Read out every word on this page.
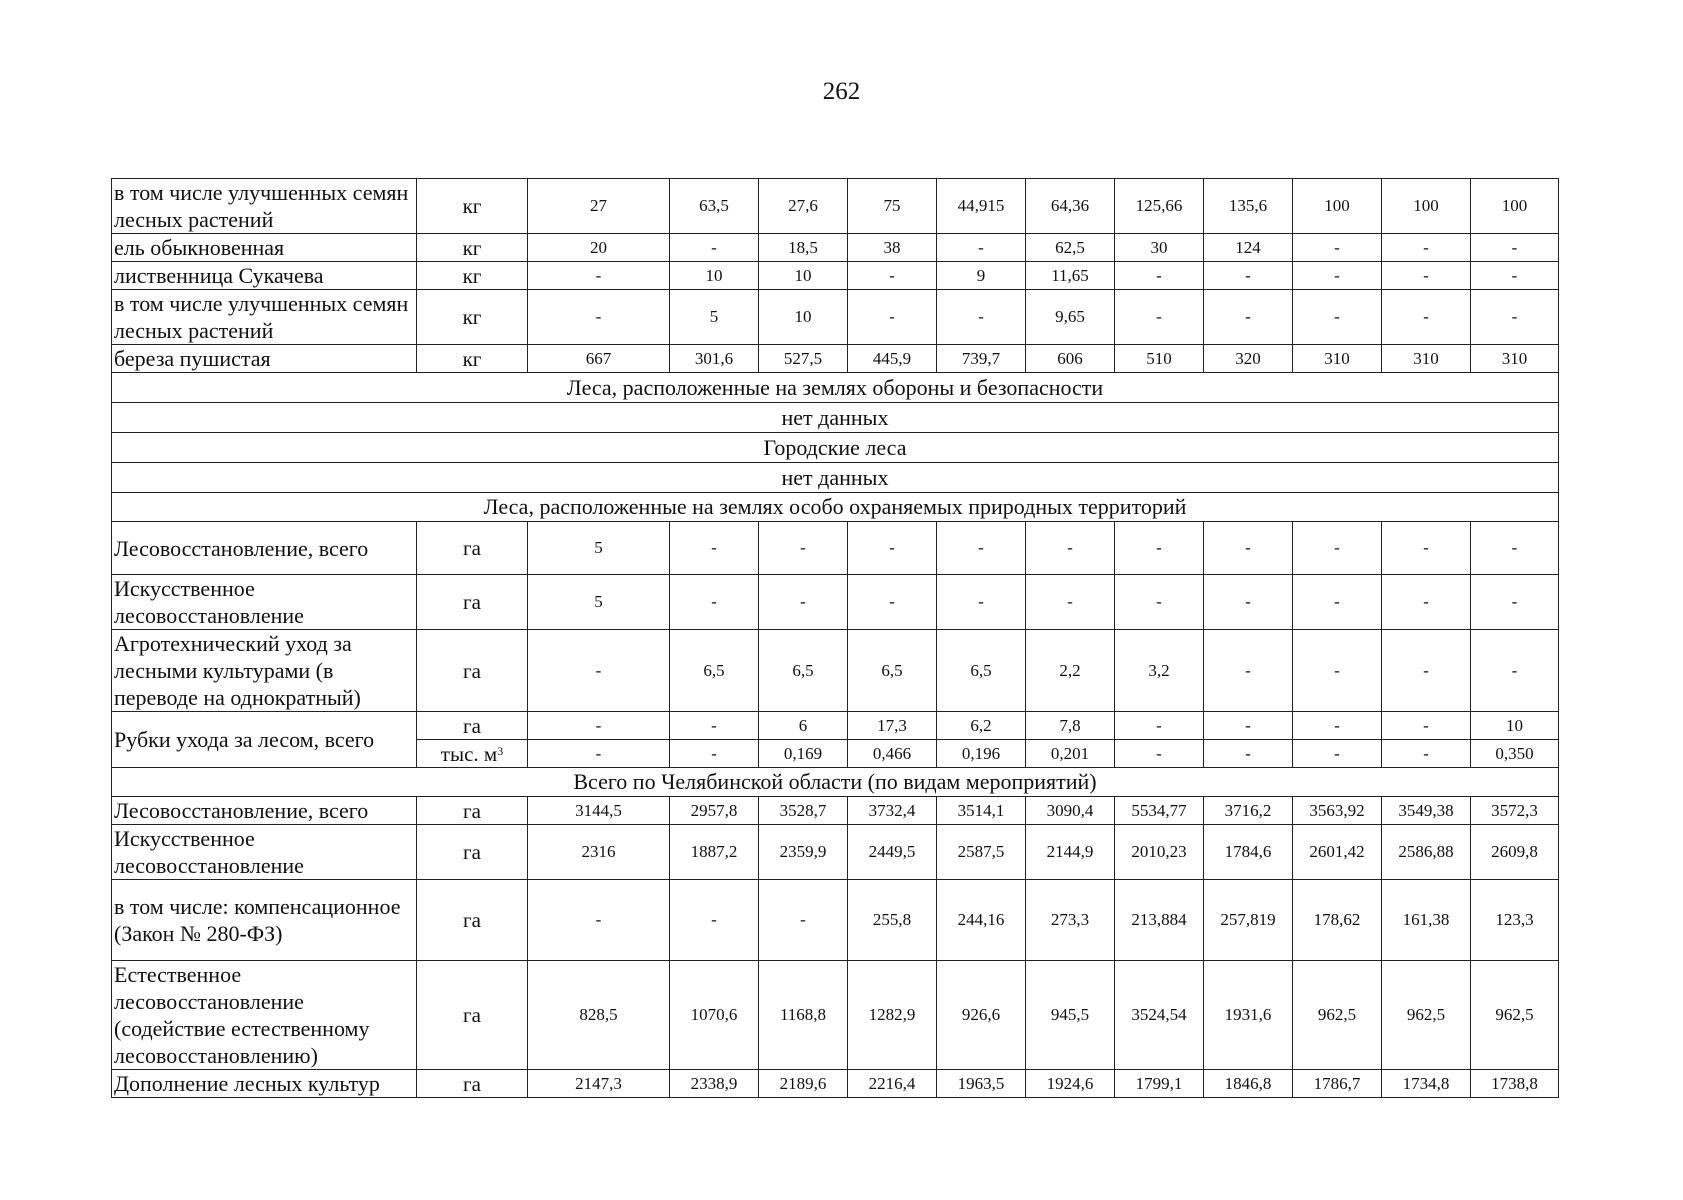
262
в том числе улучшенных семян лесных растений	кг	27	63,5	27,6	75	44,915	64,36	125,66	135,6	100	100	100
ель обыкновенная	кг	20	-	18,5	38	-	62,5	30	124	-	-	-
лиственница Сукачева	кг	-	10	10	-	9	11,65	-	-	-	-	-
в том числе улучшенных семян лесных растений	кг	-	5	10	-	-	9,65	-	-	-	-	-
береза пушистая	кг	667	301,6	527,5	445,9	739,7	606	510	320	310	310	310
Леса, расположенные на землях обороны и безопасности												
нет данных												
Городские леса												
нет данных												
Леса, расположенные на землях особо охраняемых природных территорий												
Лесовосстановление, всего	га	5	-	-	-	-	-	-	-	-	-	-
Искусственное лесовосстановление	га	5	-	-	-	-	-	-	-	-	-	-
Агротехнический уход за лесными культурами (в переводе на однократный)	га	-	6,5	6,5	6,5	6,5	2,2	3,2	-	-	-	-
Рубки ухода за лесом, всего	га	-	-	6	17,3	6,2	7,8	-	-	-	-	10
	тыс. $м^3$	-	-	0,169	0,466	0,196	0,201	-	-	-	-	0,350
Всего по Челябинской области (по видам мероприятий)												
Лесовосстановление, всего	га	3144,5	2957,8	3528,7	3732,4	3514,1	3090,4	5534,77	3716,2	3563,92	3549,38	3572,3
Искусственное лесовосстановление	га	2316	1887,2	2359,9	2449,5	2587,5	2144,9	2010,23	1784,6	2601,42	2586,88	2609,8
в том числе: компенсационное (Закон № 280-ФЗ)	га	-	-	-	255,8	244,16	273,3	213,884	257,819	178,62	161,38	123,3
Естественное лесовосстановление (содействие естественному лесовосстановлению)	га	828,5	1070,6	1168,8	1282,9	926,6	945,5	3524,54	1931,6	962,5	962,5	962,5
Дополнение лесных культур	га	2147,3	2338,9	2189,6	2216,4	1963,5	1924,6	1799,1	1846,8	1786,7	1734,8	1738,8
